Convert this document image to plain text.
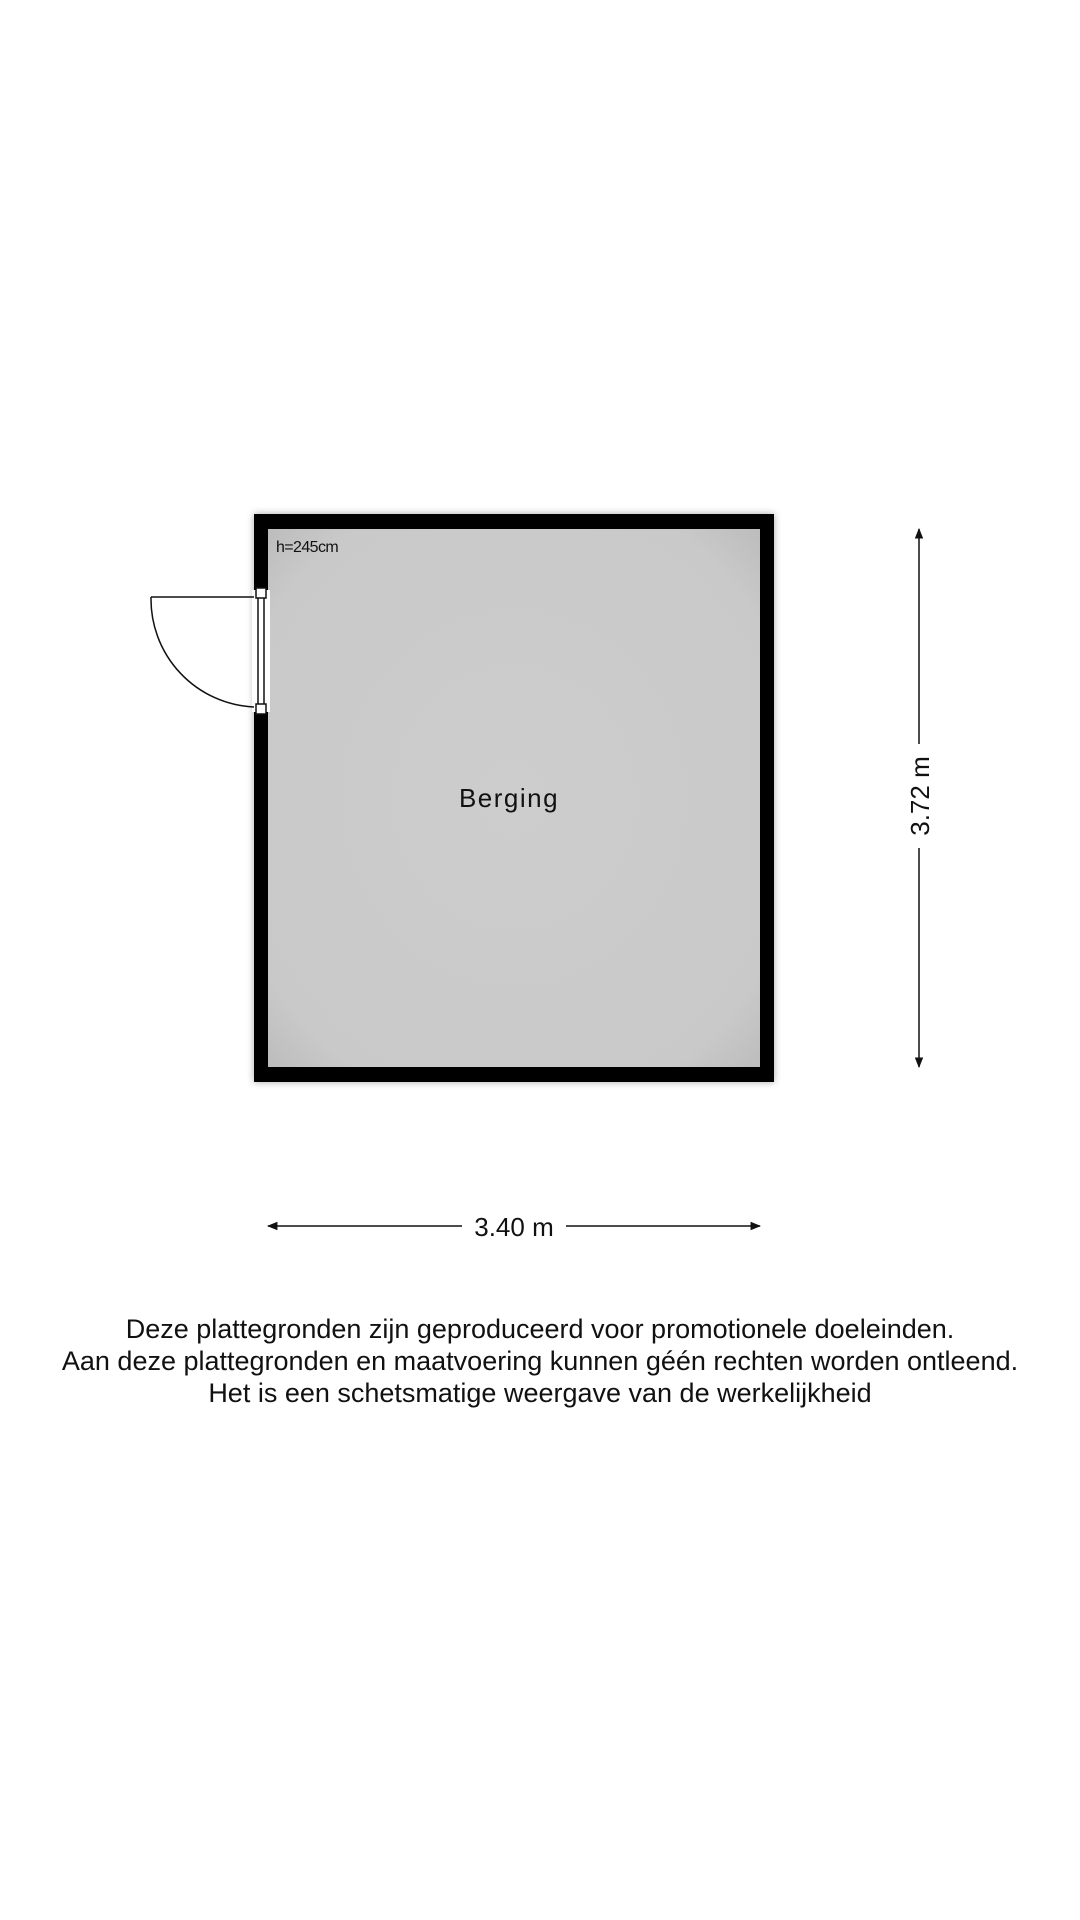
h=245cm
Berging
3.40 m
3.72 m
Deze plattegronden zijn geproduceerd voor promotionele doeleinden.
Aan deze plattegronden en maatvoering kunnen géén rechten worden ontleend.
Het is een schetsmatige weergave van de werkelijkheid
